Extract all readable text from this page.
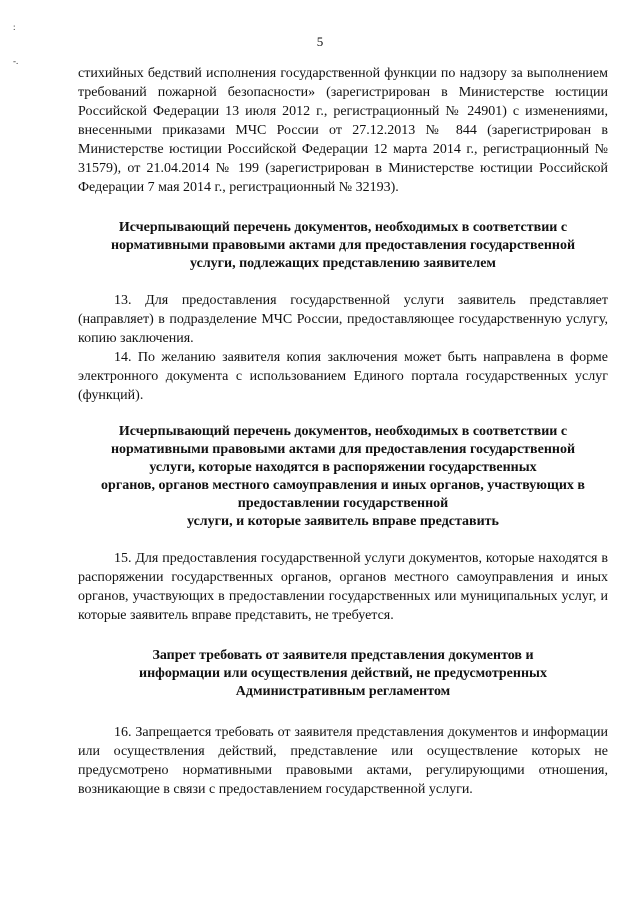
:
-.
5

стихийных бедствий исполнения государственной функции по надзору за выполнением требований пожарной безопасности» (зарегистрирован в Министерстве юстиции Российской Федерации 13 июля 2012 г., регистрационный № 24901) с изменениями, внесенными приказами МЧС России от 27.12.2013 № 844 (зарегистрирован в Министерстве юстиции Российской Федерации 12 марта 2014 г., регистрационный № 31579), от 21.04.2014 № 199 (зарегистрирован в Министерстве юстиции Российской Федерации 7 мая 2014 г., регистрационный № 32193).

Исчерпывающий перечень документов, необходимых в соответствии с
нормативными правовыми актами для предоставления государственной
услуги, подлежащих представлению заявителем

13. Для предоставления государственной услуги заявитель представляет (направляет) в подразделение МЧС России, предоставляющее государственную услугу, копию заключения.

14. По желанию заявителя копия заключения может быть направлена в форме электронного документа с использованием Единого портала государственных услуг (функций).

Исчерпывающий перечень документов, необходимых в соответствии с
нормативными правовыми актами для предоставления государственной
услуги, которые находятся в распоряжении государственных
органов, органов местного самоуправления и иных органов, участвующих в
предоставлении государственной
услуги, и которые заявитель вправе представить

15. Для предоставления государственной услуги документов, которые находятся в распоряжении государственных органов, органов местного самоуправления и иных органов, участвующих в предоставлении государственных или муниципальных услуг, и которые заявитель вправе представить, не требуется.

Запрет требовать от заявителя представления документов и
информации или осуществления действий, не предусмотренных
Административным регламентом

16. Запрещается требовать от заявителя представления документов и информации или осуществления действий, представление или осуществление которых не предусмотрено нормативными правовыми актами, регулирующими отношения, возникающие в связи с предоставлением государственной услуги.
